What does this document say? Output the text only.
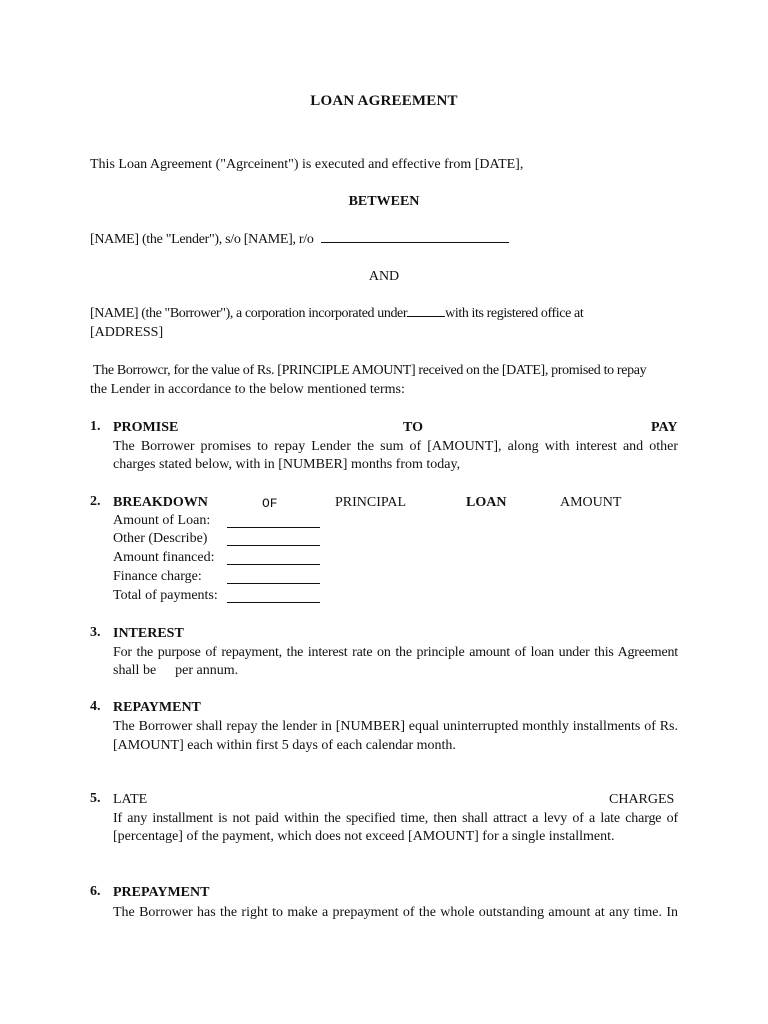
LOAN AGREEMENT
This Loan Agreement ("Agrceinent") is executed and effective from [DATE],
BETWEEN
[NAME] (the "Lender"), s/o [NAME], r/o
AND
[NAME] (the "Borrower"), a corporation incorporated under	with its registered office at
[ADDRESS]
The Borrowcr, for the value of Rs. [PRINCIPLE AMOUNT] received on the [DATE], promised to repay
the Lender in accordance to the below mentioned terms:
1. PROMISE	TO	PAY
The Borrower promises to repay Lender the sum of [AMOUNT], along with interest and other
charges stated below, with in [NUMBER] months from today,
2. BREAKDOWN	OF	PRINCIPAL	LOAN	AMOUNT
Amount of Loan:
Other (Describe)
Amount financed:
Finance charge:
Total of payments:
3. INTEREST
For the purpose of repayment, the interest rate on the principle amount of loan under this Agreement
shall be per annum.
4. REPAYMENT
The Borrower shall repay the lender in [NUMBER] equal uninterrupted monthly installments of Rs.
[AMOUNT] each within first 5 days of each calendar month.
5. LATE	CHARGES
If any installment is not paid within the specified time, then shall attract a levy of a late charge of
[percentage] of the payment, which does not exceed [AMOUNT] for a single installment.
6. PREPAYMENT
The Borrower has the right to make a prepayment of the whole outstanding amount at any time. In
